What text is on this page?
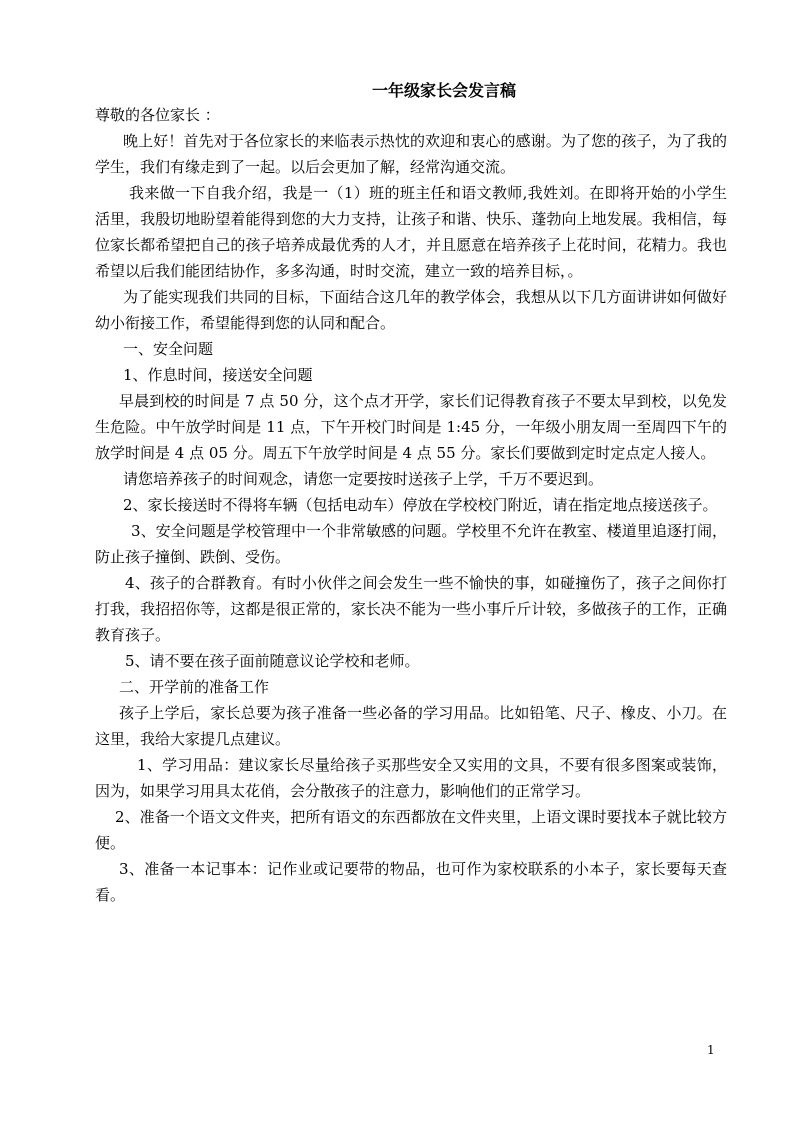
一年级家长会发言稿

尊敬的各位家长 ：

晚上好！首先对于各位家长的来临表示热忱的欢迎和衷心的感谢。为了您的孩子，为了我的学生，我们有缘走到了一起。以后会更加了解，经常沟通交流。

我来做一下自我介绍，我是一（1）班的班主任和语文教师,我姓刘。在即将开始的小学生活里，我殷切地盼望着能得到您的大力支持，让孩子和谐、快乐、蓬勃向上地发展。我相信，每位家长都希望把自己的孩子培养成最优秀的人才，并且愿意在培养孩子上花时间，花精力。我也希望以后我们能团结协作，多多沟通，时时交流，建立一致的培养目标，。

为了能实现我们共同的目标，下面结合这几年的教学体会，我想从以下几方面讲讲如何做好幼小衔接工作，希望能得到您的认同和配合。

一、安全问题

1、作息时间，接送安全问题

早晨到校的时间是 7 点 50 分，这个点才开学，家长们记得教育孩子不要太早到校，以免发生危险。中午放学时间是 11 点，下午开校门时间是 1:45 分，一年级小朋友周一至周四下午的放学时间是 4 点 05 分。周五下午放学时间是 4 点 55 分。家长们要做到定时定点定人接人。

请您培养孩子的时间观念，请您一定要按时送孩子上学，千万不要迟到。

2、家长接送时不得将车辆（包括电动车）停放在学校校门附近，请在指定地点接送孩子。

3、安全问题是学校管理中一个非常敏感的问题。学校里不允许在教室、楼道里追逐打闹，防止孩子撞倒、跌倒、受伤。

4、孩子的合群教育。有时小伙伴之间会发生一些不愉快的事，如碰撞伤了，孩子之间你打打我，我招招你等，这都是很正常的，家长决不能为一些小事斤斤计较，多做孩子的工作，正确教育孩子。

5、请不要在孩子面前随意议论学校和老师。

二、开学前的准备工作

孩子上学后，家长总要为孩子准备一些必备的学习用品。比如铅笔、尺子、橡皮、小刀。在这里，我给大家提几点建议。

1、学习用品：建议家长尽量给孩子买那些安全又实用的文具，不要有很多图案或装饰，因为，如果学习用具太花俏，会分散孩子的注意力，影响他们的正常学习。

2、准备一个语文文件夹，把所有语文的东西都放在文件夹里，上语文课时要找本子就比较方便。

3、准备一本记事本：记作业或记要带的物品，也可作为家校联系的小本子，家长要每天查看。

1
